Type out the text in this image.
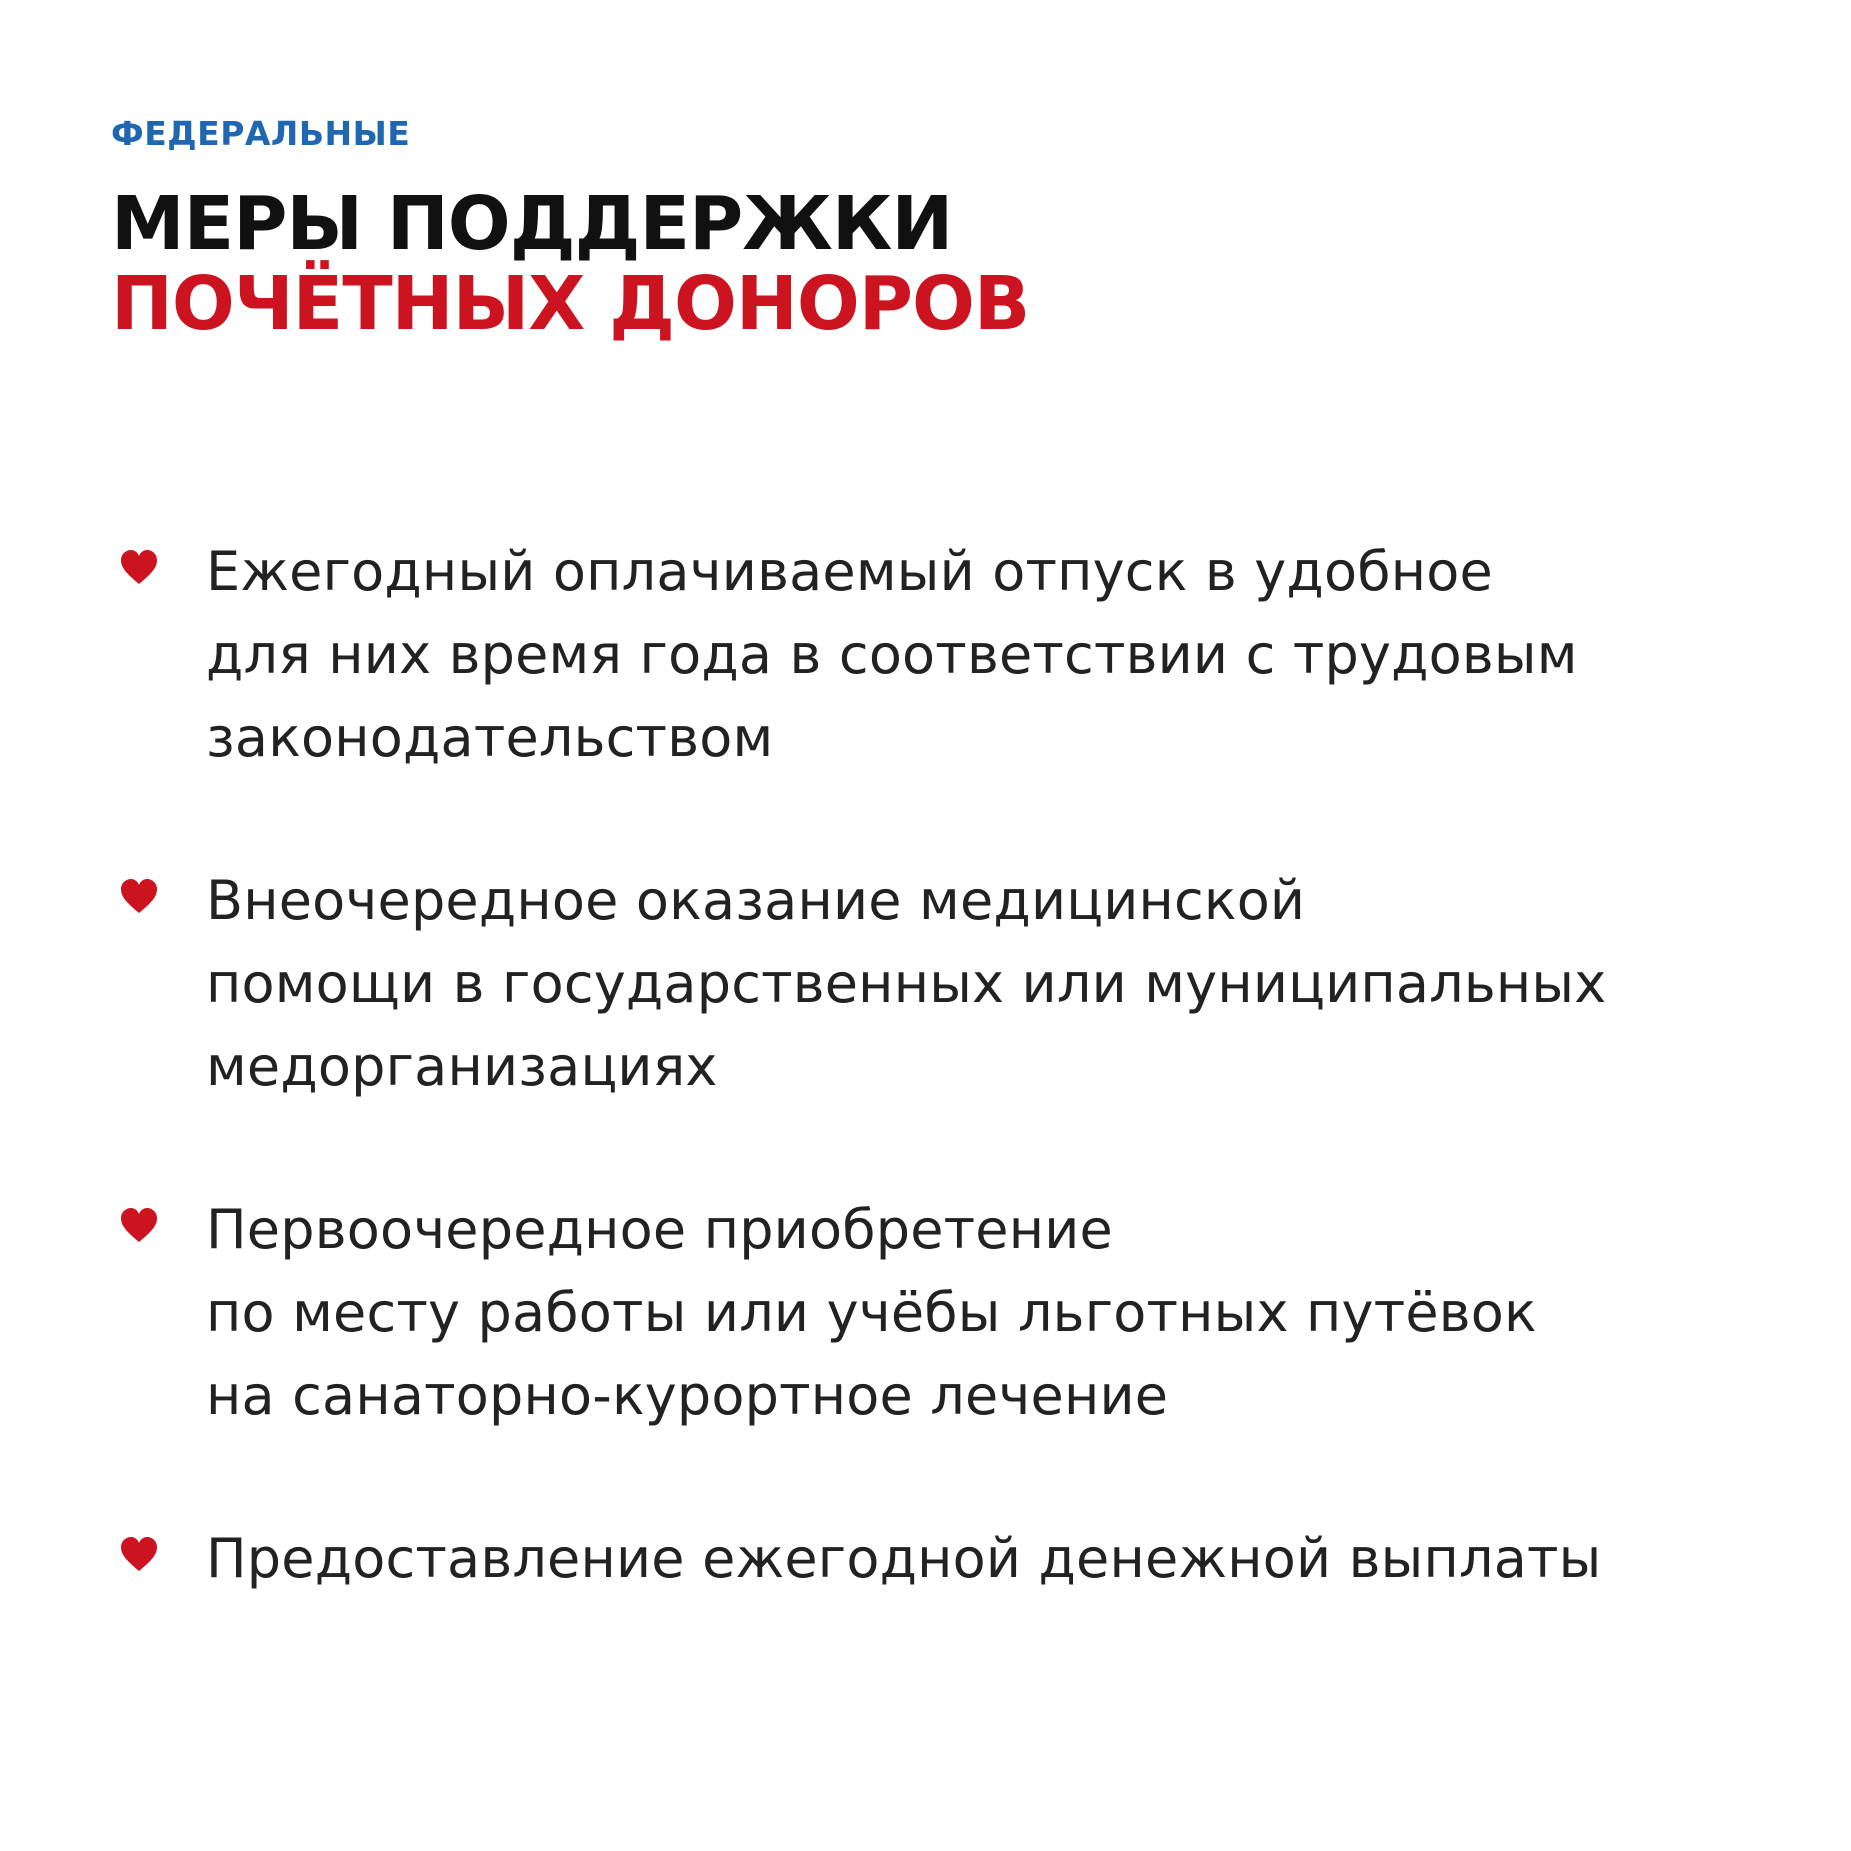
ФЕДЕРАЛЬНЫЕ
МЕРЫ ПОДДЕРЖКИ
ПОЧЁТНЫХ ДОНОРОВ
Ежегодный оплачиваемый отпуск в удобное
для них время года в соответствии с трудовым
законодательством
Внеочередное оказание медицинской
помощи в государственных или муниципальных
медорганизациях
Первоочередное приобретение
по месту работы или учёбы льготных путёвок
на санаторно-курортное лечение
Предоставление ежегодной денежной выплаты
